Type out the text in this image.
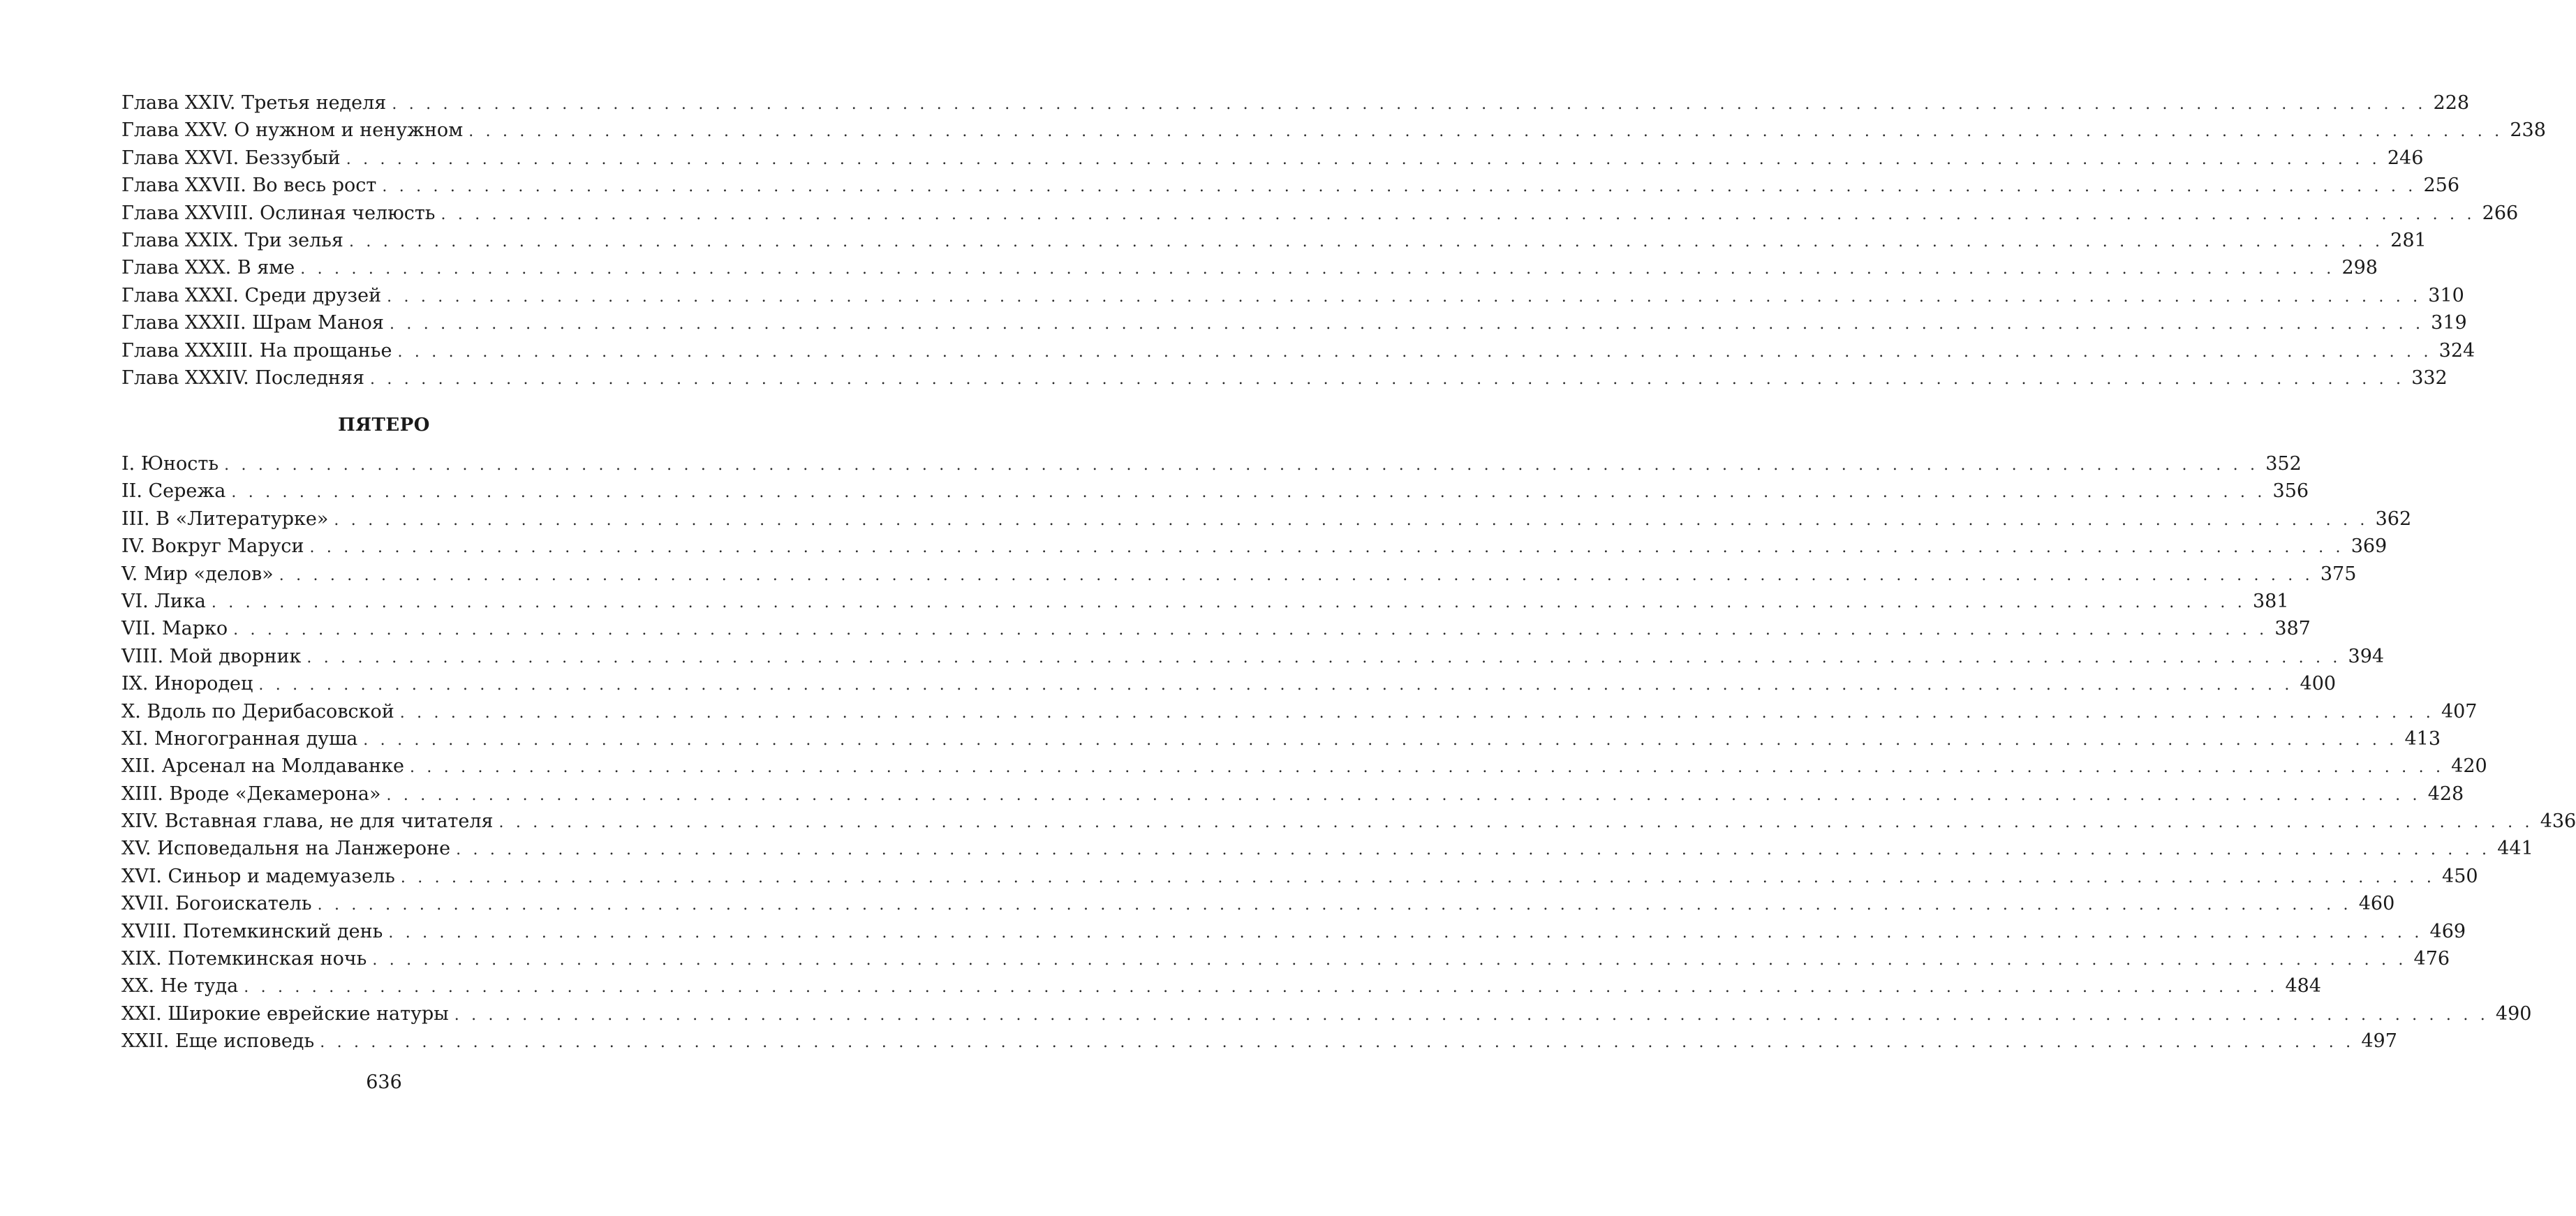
Глава XXIV. Третья неделя . . . . . . . . . . . . . . . . . . . . . . . . . . . . . . . . . . . . . . . . . . . . . . . . . . . . . . . . . . . . . . . . . . . . . . . . . . . . . . . . . . . . . . . . . . . . . . . . . . . . . . . . . . . . . . . . . . . . . . . . 228
Глава XXV. О нужном и ненужном . . . . . . . . . . . . . . . . . . . . . . . . . . . . . . . . . . . . . . . . . . . . . . . . . . . . . . . . . . . . . . . . . . . . . . . . . . . . . . . . . . . . . . . . . . . . . . . . . . . . . . . . . . . . . . . . . . . . . . . . 238
Глава XXVI. Беззубый . . . . . . . . . . . . . . . . . . . . . . . . . . . . . . . . . . . . . . . . . . . . . . . . . . . . . . . . . . . . . . . . . . . . . . . . . . . . . . . . . . . . . . . . . . . . . . . . . . . . . . . . . . . . . . . . . . . . . . . . 246
Глава XXVII. Во весь рост . . . . . . . . . . . . . . . . . . . . . . . . . . . . . . . . . . . . . . . . . . . . . . . . . . . . . . . . . . . . . . . . . . . . . . . . . . . . . . . . . . . . . . . . . . . . . . . . . . . . . . . . . . . . . . . . . . . . . . . . 256
Глава XXVIII. Ослиная челюсть . . . . . . . . . . . . . . . . . . . . . . . . . . . . . . . . . . . . . . . . . . . . . . . . . . . . . . . . . . . . . . . . . . . . . . . . . . . . . . . . . . . . . . . . . . . . . . . . . . . . . . . . . . . . . . . . . . . . . . . . 266
Глава XXIX. Три зелья . . . . . . . . . . . . . . . . . . . . . . . . . . . . . . . . . . . . . . . . . . . . . . . . . . . . . . . . . . . . . . . . . . . . . . . . . . . . . . . . . . . . . . . . . . . . . . . . . . . . . . . . . . . . . . . . . . . . . . . . 281
Глава XXX. В яме . . . . . . . . . . . . . . . . . . . . . . . . . . . . . . . . . . . . . . . . . . . . . . . . . . . . . . . . . . . . . . . . . . . . . . . . . . . . . . . . . . . . . . . . . . . . . . . . . . . . . . . . . . . . . . . . . . . . . . . . 298
Глава XXXI. Среди друзей . . . . . . . . . . . . . . . . . . . . . . . . . . . . . . . . . . . . . . . . . . . . . . . . . . . . . . . . . . . . . . . . . . . . . . . . . . . . . . . . . . . . . . . . . . . . . . . . . . . . . . . . . . . . . . . . . . . . . . . . 310
Глава XXXII. Шрам Маноя . . . . . . . . . . . . . . . . . . . . . . . . . . . . . . . . . . . . . . . . . . . . . . . . . . . . . . . . . . . . . . . . . . . . . . . . . . . . . . . . . . . . . . . . . . . . . . . . . . . . . . . . . . . . . . . . . . . . . . . . 319
Глава XXXIII. На прощанье . . . . . . . . . . . . . . . . . . . . . . . . . . . . . . . . . . . . . . . . . . . . . . . . . . . . . . . . . . . . . . . . . . . . . . . . . . . . . . . . . . . . . . . . . . . . . . . . . . . . . . . . . . . . . . . . . . . . . . . . 324
Глава XXXIV. Последняя . . . . . . . . . . . . . . . . . . . . . . . . . . . . . . . . . . . . . . . . . . . . . . . . . . . . . . . . . . . . . . . . . . . . . . . . . . . . . . . . . . . . . . . . . . . . . . . . . . . . . . . . . . . . . . . . . . . . . . . . 332
ПЯТЕРО
I. Юность . . . . . . . . . . . . . . . . . . . . . . . . . . . . . . . . . . . . . . . . . . . . . . . . . . . . . . . . . . . . . . . . . . . . . . . . . . . . . . . . . . . . . . . . . . . . . . . . . . . . . . . . . . . . . . . . . . . . . . . . 352
II. Сережа . . . . . . . . . . . . . . . . . . . . . . . . . . . . . . . . . . . . . . . . . . . . . . . . . . . . . . . . . . . . . . . . . . . . . . . . . . . . . . . . . . . . . . . . . . . . . . . . . . . . . . . . . . . . . . . . . . . . . . . . 356
III. В «Литературке» . . . . . . . . . . . . . . . . . . . . . . . . . . . . . . . . . . . . . . . . . . . . . . . . . . . . . . . . . . . . . . . . . . . . . . . . . . . . . . . . . . . . . . . . . . . . . . . . . . . . . . . . . . . . . . . . . . . . . . . . 362
IV. Вокруг Маруси . . . . . . . . . . . . . . . . . . . . . . . . . . . . . . . . . . . . . . . . . . . . . . . . . . . . . . . . . . . . . . . . . . . . . . . . . . . . . . . . . . . . . . . . . . . . . . . . . . . . . . . . . . . . . . . . . . . . . . . . 369
V. Мир «делов» . . . . . . . . . . . . . . . . . . . . . . . . . . . . . . . . . . . . . . . . . . . . . . . . . . . . . . . . . . . . . . . . . . . . . . . . . . . . . . . . . . . . . . . . . . . . . . . . . . . . . . . . . . . . . . . . . . . . . . . . 375
VI. Лика . . . . . . . . . . . . . . . . . . . . . . . . . . . . . . . . . . . . . . . . . . . . . . . . . . . . . . . . . . . . . . . . . . . . . . . . . . . . . . . . . . . . . . . . . . . . . . . . . . . . . . . . . . . . . . . . . . . . . . . . 381
VII. Марко . . . . . . . . . . . . . . . . . . . . . . . . . . . . . . . . . . . . . . . . . . . . . . . . . . . . . . . . . . . . . . . . . . . . . . . . . . . . . . . . . . . . . . . . . . . . . . . . . . . . . . . . . . . . . . . . . . . . . . . . 387
VIII. Мой дворник . . . . . . . . . . . . . . . . . . . . . . . . . . . . . . . . . . . . . . . . . . . . . . . . . . . . . . . . . . . . . . . . . . . . . . . . . . . . . . . . . . . . . . . . . . . . . . . . . . . . . . . . . . . . . . . . . . . . . . . . 394
IX. Инородец . . . . . . . . . . . . . . . . . . . . . . . . . . . . . . . . . . . . . . . . . . . . . . . . . . . . . . . . . . . . . . . . . . . . . . . . . . . . . . . . . . . . . . . . . . . . . . . . . . . . . . . . . . . . . . . . . . . . . . . . 400
X. Вдоль по Дерибасовской . . . . . . . . . . . . . . . . . . . . . . . . . . . . . . . . . . . . . . . . . . . . . . . . . . . . . . . . . . . . . . . . . . . . . . . . . . . . . . . . . . . . . . . . . . . . . . . . . . . . . . . . . . . . . . . . . . . . . . . . 407
XI. Многогранная душа . . . . . . . . . . . . . . . . . . . . . . . . . . . . . . . . . . . . . . . . . . . . . . . . . . . . . . . . . . . . . . . . . . . . . . . . . . . . . . . . . . . . . . . . . . . . . . . . . . . . . . . . . . . . . . . . . . . . . . . . 413
XII. Арсенал на Молдаванке . . . . . . . . . . . . . . . . . . . . . . . . . . . . . . . . . . . . . . . . . . . . . . . . . . . . . . . . . . . . . . . . . . . . . . . . . . . . . . . . . . . . . . . . . . . . . . . . . . . . . . . . . . . . . . . . . . . . . . . . 420
XIII. Вроде «Декамерона» . . . . . . . . . . . . . . . . . . . . . . . . . . . . . . . . . . . . . . . . . . . . . . . . . . . . . . . . . . . . . . . . . . . . . . . . . . . . . . . . . . . . . . . . . . . . . . . . . . . . . . . . . . . . . . . . . . . . . . . . 428
XIV. Вставная глава, не для читателя . . . . . . . . . . . . . . . . . . . . . . . . . . . . . . . . . . . . . . . . . . . . . . . . . . . . . . . . . . . . . . . . . . . . . . . . . . . . . . . . . . . . . . . . . . . . . . . . . . . . . . . . . . . . . . . . . . . . . . . . 436
XV. Исповедальня на Ланжероне . . . . . . . . . . . . . . . . . . . . . . . . . . . . . . . . . . . . . . . . . . . . . . . . . . . . . . . . . . . . . . . . . . . . . . . . . . . . . . . . . . . . . . . . . . . . . . . . . . . . . . . . . . . . . . . . . . . . . . . . 441
XVI. Синьор и мадемуазель . . . . . . . . . . . . . . . . . . . . . . . . . . . . . . . . . . . . . . . . . . . . . . . . . . . . . . . . . . . . . . . . . . . . . . . . . . . . . . . . . . . . . . . . . . . . . . . . . . . . . . . . . . . . . . . . . . . . . . . . 450
XVII. Богоискатель . . . . . . . . . . . . . . . . . . . . . . . . . . . . . . . . . . . . . . . . . . . . . . . . . . . . . . . . . . . . . . . . . . . . . . . . . . . . . . . . . . . . . . . . . . . . . . . . . . . . . . . . . . . . . . . . . . . . . . . . 460
XVIII. Потемкинский день . . . . . . . . . . . . . . . . . . . . . . . . . . . . . . . . . . . . . . . . . . . . . . . . . . . . . . . . . . . . . . . . . . . . . . . . . . . . . . . . . . . . . . . . . . . . . . . . . . . . . . . . . . . . . . . . . . . . . . . . 469
XIX. Потемкинская ночь . . . . . . . . . . . . . . . . . . . . . . . . . . . . . . . . . . . . . . . . . . . . . . . . . . . . . . . . . . . . . . . . . . . . . . . . . . . . . . . . . . . . . . . . . . . . . . . . . . . . . . . . . . . . . . . . . . . . . . . . 476
XX. Не туда . . . . . . . . . . . . . . . . . . . . . . . . . . . . . . . . . . . . . . . . . . . . . . . . . . . . . . . . . . . . . . . . . . . . . . . . . . . . . . . . . . . . . . . . . . . . . . . . . . . . . . . . . . . . . . . . . . . . . . . . 484
XXI. Широкие еврейские натуры . . . . . . . . . . . . . . . . . . . . . . . . . . . . . . . . . . . . . . . . . . . . . . . . . . . . . . . . . . . . . . . . . . . . . . . . . . . . . . . . . . . . . . . . . . . . . . . . . . . . . . . . . . . . . . . . . . . . . . . . 490
XXII. Еще исповедь . . . . . . . . . . . . . . . . . . . . . . . . . . . . . . . . . . . . . . . . . . . . . . . . . . . . . . . . . . . . . . . . . . . . . . . . . . . . . . . . . . . . . . . . . . . . . . . . . . . . . . . . . . . . . . . . . . . . . . . . 497
636
